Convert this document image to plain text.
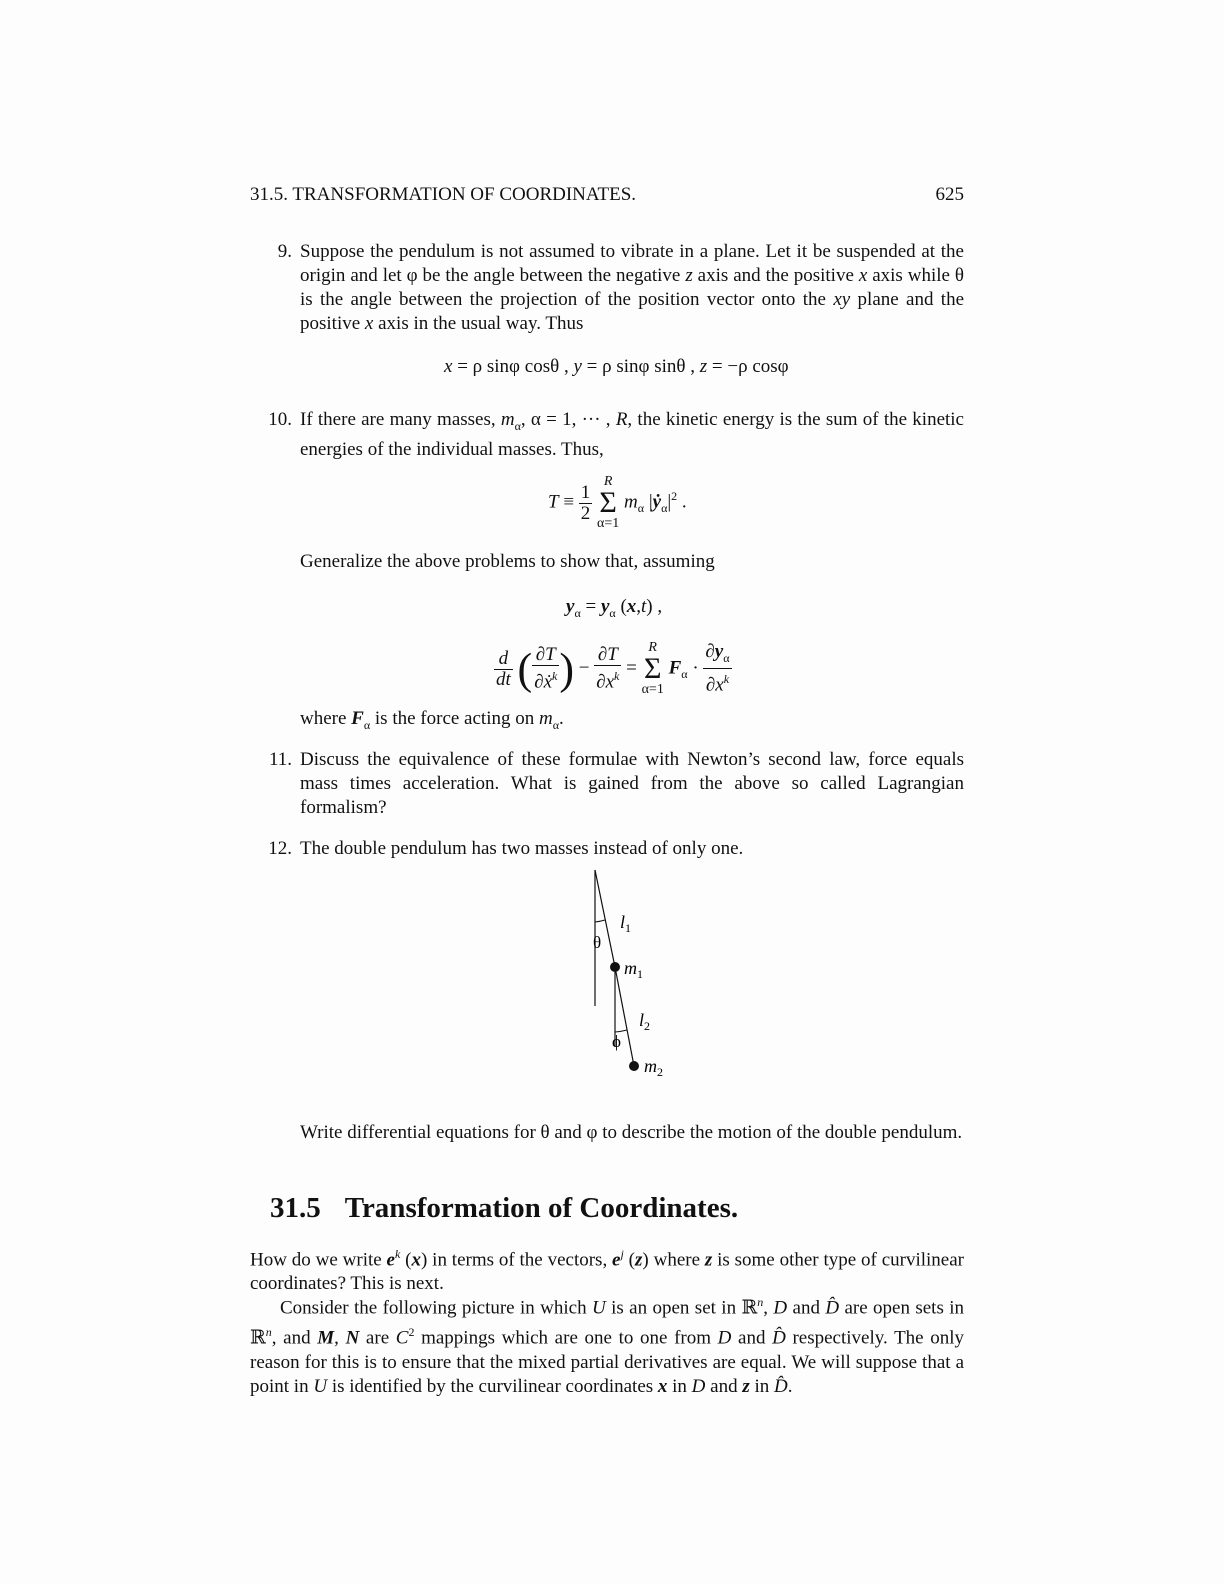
31.5. TRANSFORMATION OF COORDINATES.	625
9. Suppose the pendulum is not assumed to vibrate in a plane. Let it be suspended at the origin and let φ be the angle between the negative z axis and the positive x axis while θ is the angle between the projection of the position vector onto the xy plane and the positive x axis in the usual way. Thus
x = ρ sinφ cosθ , y = ρ sinφ sinθ , z = −ρ cosφ
10. If there are many masses, $m_\alpha$, α = 1, ··· , R, the kinetic energy is the sum of the kinetic energies of the individual masses. Thus,
$T \equiv \frac{1}{2}$
R
Σ
α=1 $m_\alpha$ $|ẏ_\alpha|^2$ .
Generalize the above problems to show that, assuming
$y_\alpha = y_\alpha$ (x,t) ,
$\frac{d}{dt}$ ( $\frac{\partial T}{\partial ẋ^k}$ ) − $\frac{\partial T}{\partial x^k} = R$
Σ
α=1 $F_\alpha \cdot \frac{\partial y_\alpha}{\partial x^k}$
where $F_\alpha$ is the force acting on $m_\alpha$.
11. Discuss the equivalence of these formulae with Newton’s second law, force equals mass times acceleration. What is gained from the above so called Lagrangian formalism?
12. The double pendulum has two masses instead of only one.
θ
ϕ
$l_1$
$m_1$
$l_2$
$m_2$
Write differential equations for θ and φ to describe the motion of the double pendulum.
31.5 Transformation of Coordinates.
How do we write $e^k$ (x) in terms of the vectors, $e^j$ (z) where z is some other type of curvilinear coordinates? This is next.
Consider the following picture in which U is an open set in ℝ$^n$, D and D̂ are open sets in ℝ$^n$, and M, N are $C^2$ mappings which are one to one from D and D̂ respectively. The only reason for this is to ensure that the mixed partial derivatives are equal. We will suppose that a point in U is identified by the curvilinear coordinates x in D and z in D̂.
